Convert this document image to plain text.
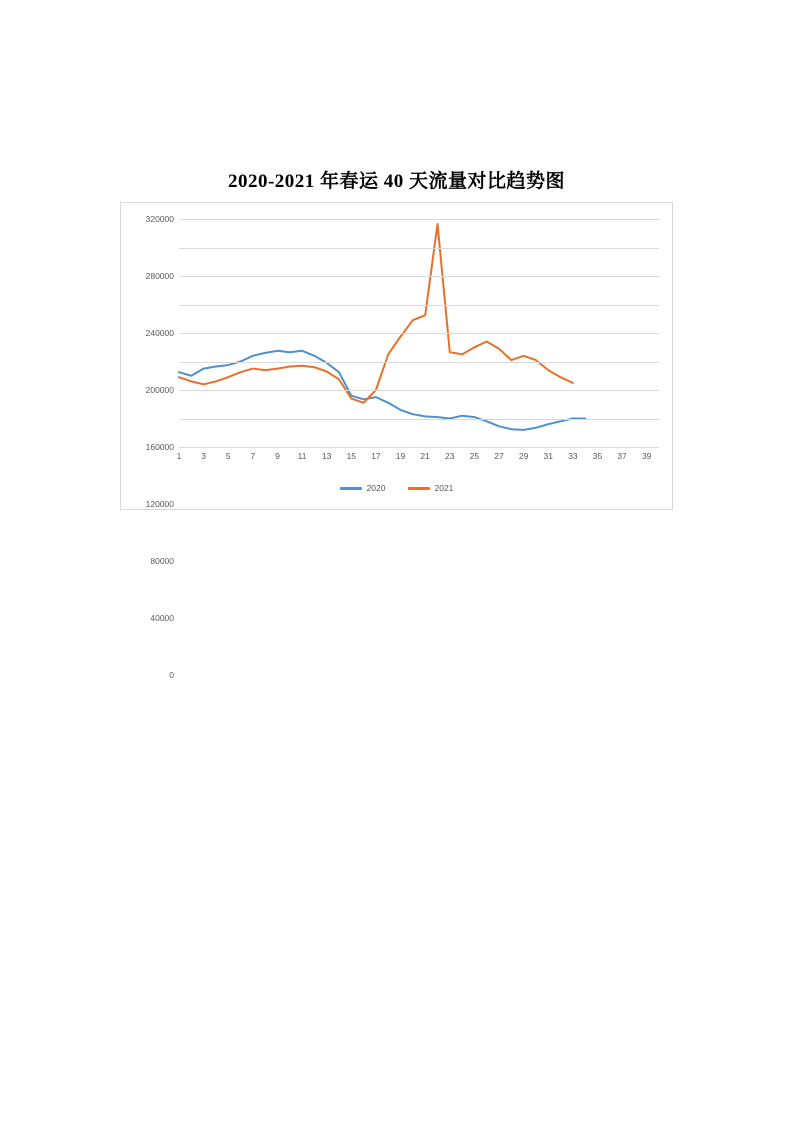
2020-2021 年春运 40 天流量对比趋势图
0
40000
80000
120000
160000
200000
240000
280000
320000
1 3 5 7 9 11 13 15 17 19 21 23 25 27 29 31 33 35 37 39
2020	2021
